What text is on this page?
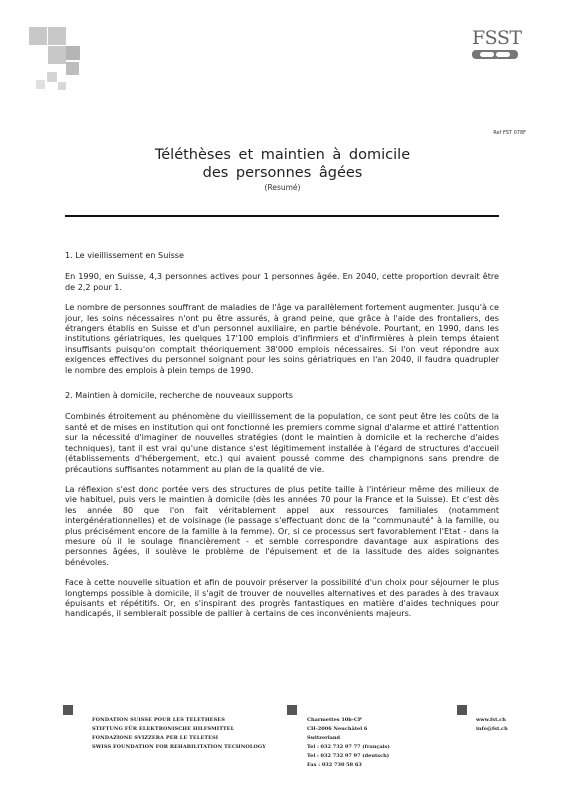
FSST
Ref FST 078F
Téléthèses et maintien à domicile
des personnes âgées
(Resumé)
1. Le vieillissement en Suisse

En 1990, en Suisse, 4,3 personnes actives pour 1 personnes âgée. En 2040, cette proportion devrait être de 2,2 pour 1.

Le nombre de personnes souffrant de maladies de l'âge va parallèlement fortement augmenter. Jusqu'à ce jour, les soins nécessaires n'ont pu être assurés, à grand peine, que grâce à l'aide des frontaliers, des étrangers établis en Suisse et d'un personnel auxiliaire, en partie bénévole. Pourtant, en 1990, dans les institutions gériatriques, les quelques 17'100 emplois d'infirmiers et d'infirmières à plein temps étaient insuffisants puisqu'on comptait théoriquement 38'000 emplois nécessaires. Si l'on veut répondre aux exigences effectives du personnel soignant pour les soins gériatriques en l'an 2040, il faudra quadrupler le nombre des emplois à plein temps de 1990.

2. Maintien à domicile, recherche de nouveaux supports

Combinés étroitement au phénomène du vieillissement de la population, ce sont peut être les coûts de la santé et de mises en institution qui ont fonctionné les premiers comme signal d'alarme et attiré l'attention sur la nécessité d'imaginer de nouvelles stratégies (dont le maintien à domicile et la recherche d'aides techniques), tant il est vrai qu'une distance s'est légitimement installée à l'égard de structures d'accueil (établissements d'hébergement, etc.) qui avaient poussé comme des champignons sans prendre de précautions suffisantes notamment au plan de la qualité de vie.

La réflexion s'est donc portée vers des structures de plus petite taille à l'intérieur même des milieux de vie habituel, puis vers le maintien à domicile (dès les années 70 pour la France et la Suisse). Et c'est dès les année 80 que l'on fait véritablement appel aux ressources familiales (notamment intergénérationnelles) et de voisinage (le passage s'effectuant donc de la "communauté" à la famille, ou plus précisément encore de la famille à la femme). Or, si ce processus sert favorablement l'Etat - dans la mesure où il le soulage financièrement - et semble correspondre davantage aux aspirations des personnes âgées, il soulève le problème de l'épuisement et de la lassitude des aides soignantes bénévoles.

Face à cette nouvelle situation et afin de pouvoir préserver la possibilité d'un choix pour séjourner le plus longtemps possible à domicile, il s'agit de trouver de nouvelles alternatives et des parades à des travaux épuisants et répétitifs. Or, en s'inspirant des progrès fantastiques en matière d'aides techniques pour handicapés, il semblerait possible de pallier à certains de ces inconvénients majeurs.

FONDATION SUISSE POUR LES TELETHESES
STIFTUNG FÜR ELEKTRONISCHE HILFSMITTEL
FONDAZIONE SVIZZERA PER LE TELETESI
SWISS FOUNDATION FOR REHABILITATION TECHNOLOGY
Charmettes 10b-CP
CH-2006 Neuchâtel 6
Switzerland
Tel : 032 732 97 77 (français)
Tel : 032 732 97 97 (deutsch)
Fax : 032 730 58 63
www.fst.ch
info@fst.ch
